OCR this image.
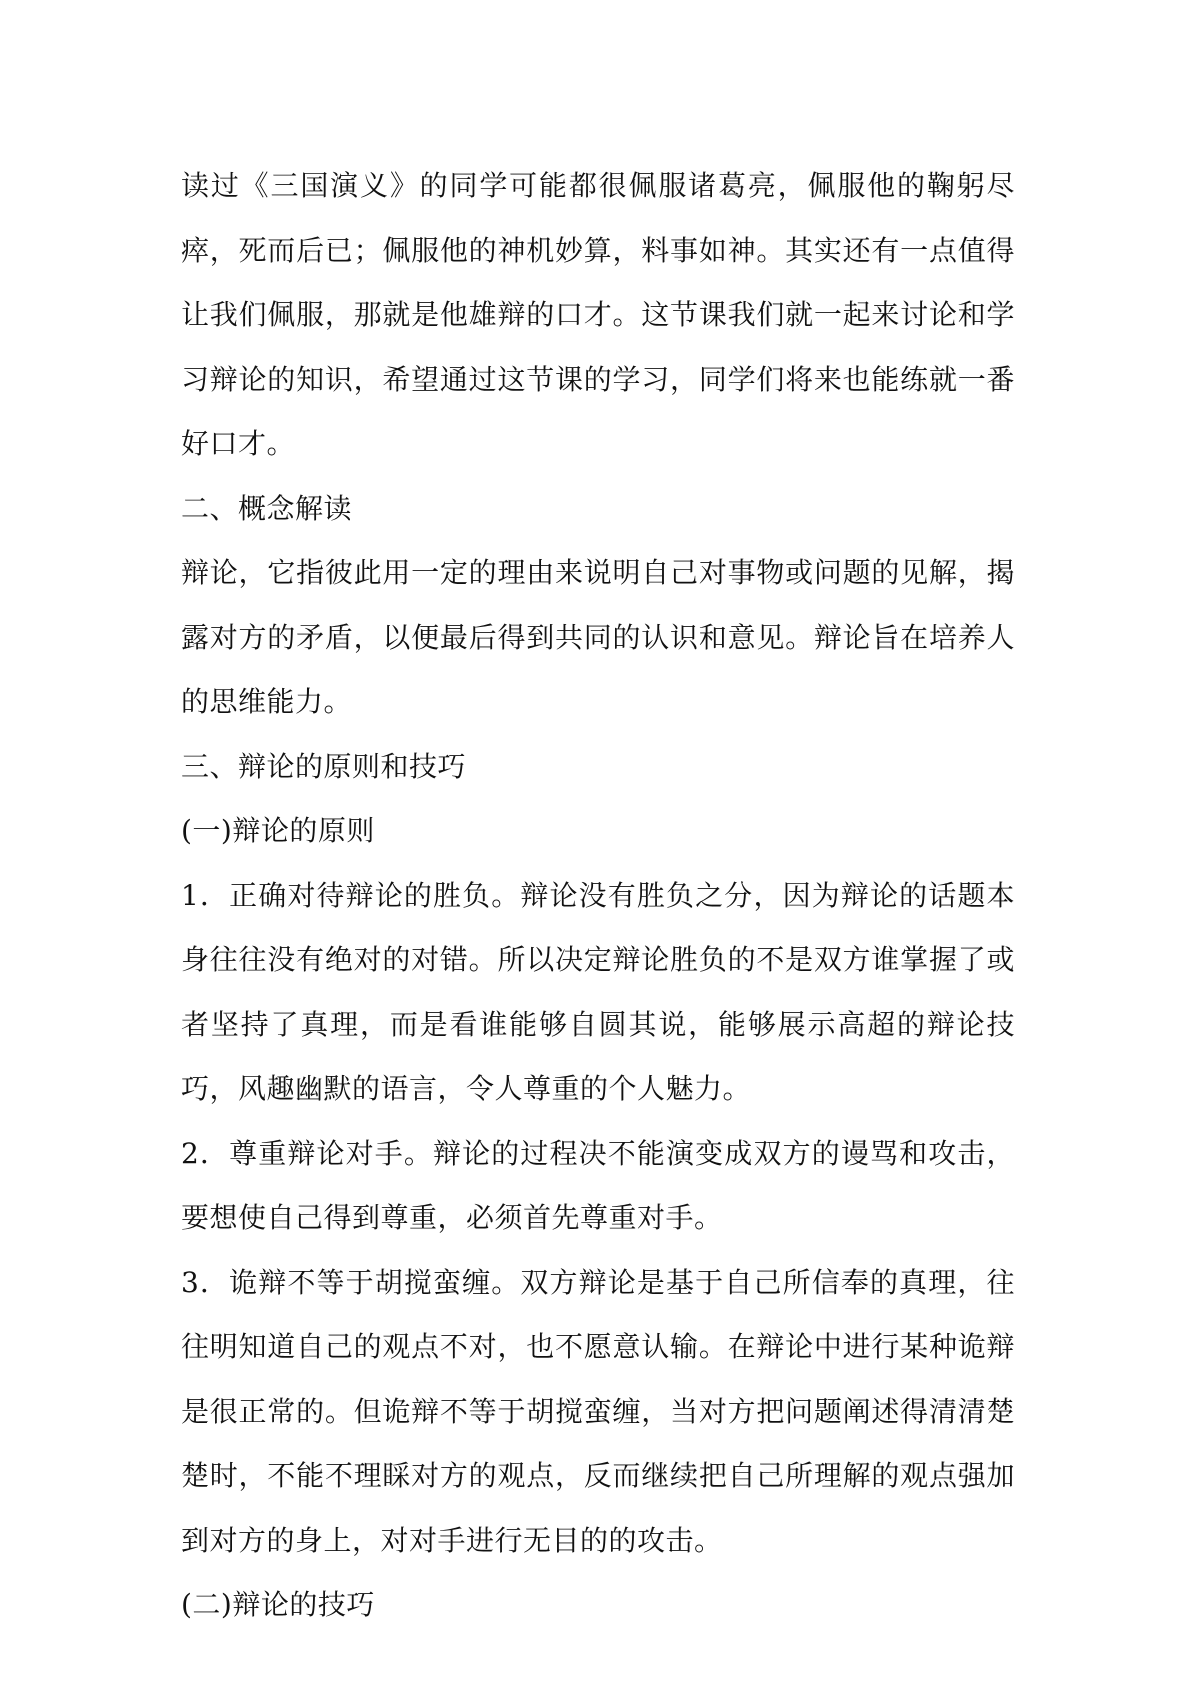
读过《三国演义》的同学可能都很佩服诸葛亮，佩服他的鞠躬尽瘁，死而后已；佩服他的神机妙算，料事如神。其实还有一点值得让我们佩服，那就是他雄辩的口才。这节课我们就一起来讨论和学习辩论的知识，希望通过这节课的学习，同学们将来也能练就一番好口才。

二、概念解读

辩论，它指彼此用一定的理由来说明自己对事物或问题的见解，揭露对方的矛盾，以便最后得到共同的认识和意见。辩论旨在培养人的思维能力。

三、辩论的原则和技巧

(一)辩论的原则

1．正确对待辩论的胜负。辩论没有胜负之分，因为辩论的话题本身往往没有绝对的对错。所以决定辩论胜负的不是双方谁掌握了或者坚持了真理，而是看谁能够自圆其说，能够展示高超的辩论技巧，风趣幽默的语言，令人尊重的个人魅力。

2．尊重辩论对手。辩论的过程决不能演变成双方的谩骂和攻击，要想使自己得到尊重，必须首先尊重对手。

3．诡辩不等于胡搅蛮缠。双方辩论是基于自己所信奉的真理，往往明知道自己的观点不对，也不愿意认输。在辩论中进行某种诡辩是很正常的。但诡辩不等于胡搅蛮缠，当对方把问题阐述得清清楚楚时，不能不理睬对方的观点，反而继续把自己所理解的观点强加到对方的身上，对对手进行无目的的攻击。

(二)辩论的技巧
